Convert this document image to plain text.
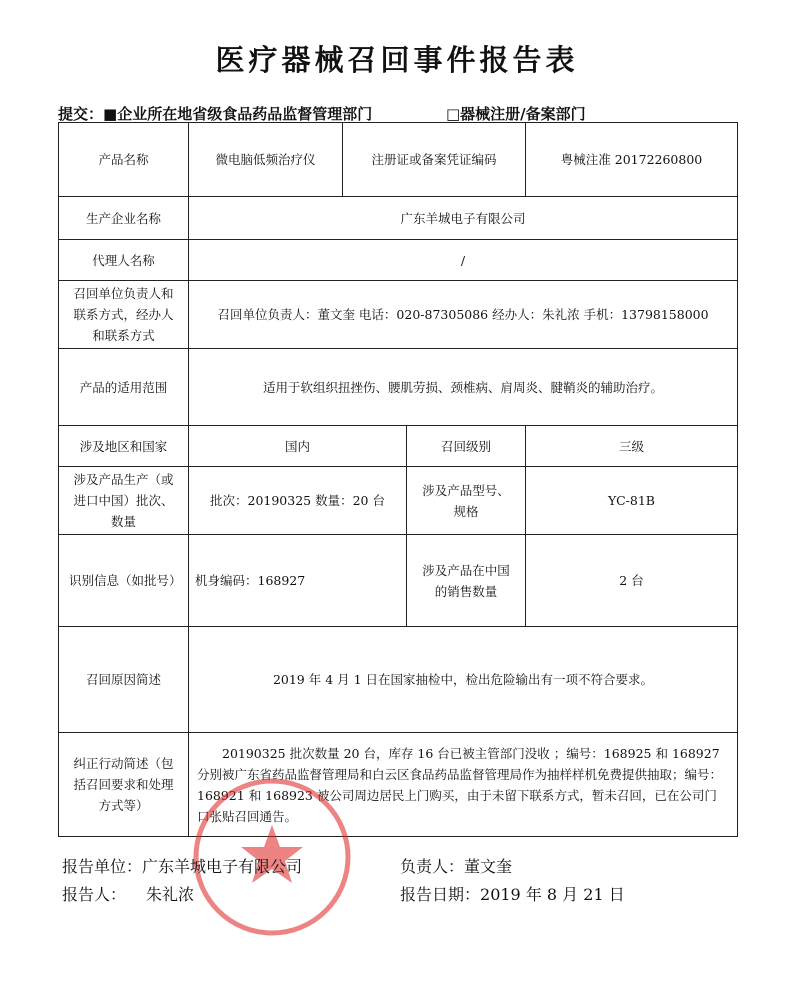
医疗器械召回事件报告表
提交：■企业所在地省级食品药品监督管理部门	□器械注册/备案部门
产品名称	微电脑低频治疗仪	注册证或备案凭证编码		粤械注准 20172260800
生产企业名称	广东羊城电子有限公司			
代理人名称	/			
召回单位负责人和联系方式，经办人和联系方式	召回单位负责人：董文奎 电话：020-87305086 经办人：朱礼浓 手机：13798158000			
产品的适用范围	适用于软组织扭挫伤、腰肌劳损、颈椎病、肩周炎、腱鞘炎的辅助治疗。			
涉及地区和国家	国内		召回级别	三级
涉及产品生产（或进口中国）批次、数量	批次：20190325 数量：20 台		涉及产品型号、规格	YC-81B
识别信息（如批号）	机身编码：168927		涉及产品在中国的销售数量	2 台
召回原因简述	2019 年 4 月 1 日在国家抽检中，检出危险输出有一项不符合要求。			
纠正行动简述（包括召回要求和处理方式等）	20190325 批次数量 20 台，库存 16 台已被主管部门没收 ；编号：168925 和 168927 分别被广东省药品监督管理局和白云区食品药品监督管理局作为抽样样机免费提供抽取；编号：168921 和 168923 被公司周边居民上门购买，由于未留下联系方式，暂未召回，已在公司门口张贴召回通告。			
报告单位：广东羊城电子有限公司
报告人： 朱礼浓
负责人：董文奎
报告日期：2019 年 8 月 21 日
